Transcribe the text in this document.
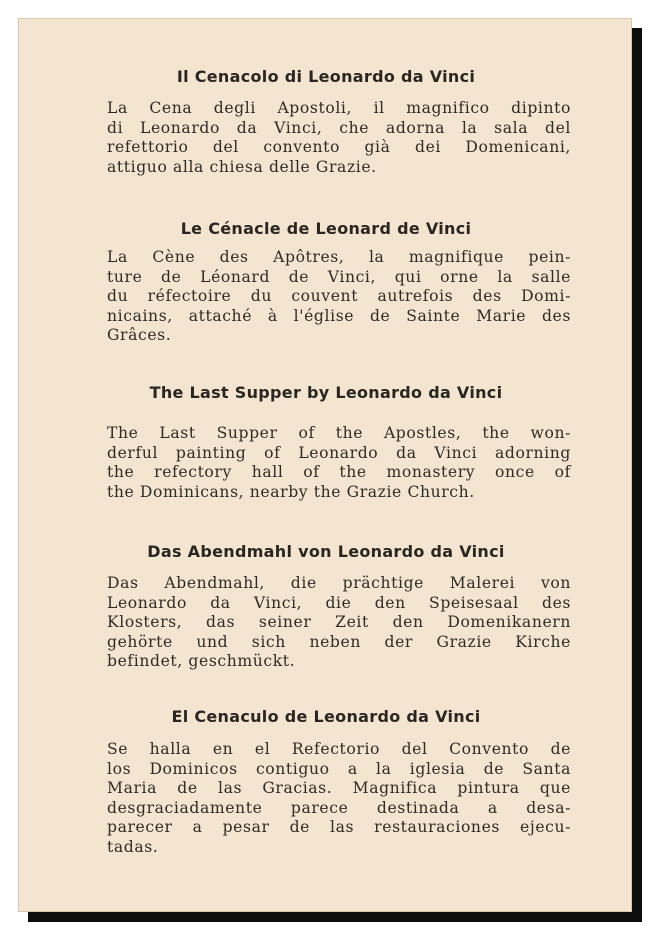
Il Cenacolo di Leonardo da Vinci
La Cena degli Apostoli, il magnifico dipinto
di Leonardo da Vinci, che adorna la sala del
refettorio del convento già dei Domenicani,
attiguo alla chiesa delle Grazie.
Le Cénacle de Leonard de Vinci
La Cène des Apôtres, la magnifique pein-
ture de Léonard de Vinci, qui orne la salle
du réfectoire du couvent autrefois des Domi-
nicains, attaché à l'église de Sainte Marie des
Grâces.
The Last Supper by Leonardo da Vinci
The Last Supper of the Apostles, the won-
derful painting of Leonardo da Vinci adorning
the refectory hall of the monastery once of
the Dominicans, nearby the Grazie Church.
Das Abendmahl von Leonardo da Vinci
Das Abendmahl, die prächtige Malerei von
Leonardo da Vinci, die den Speisesaal des
Klosters, das seiner Zeit den Domenikanern
gehörte und sich neben der Grazie Kirche
befindet, geschmückt.
El Cenaculo de Leonardo da Vinci
Se halla en el Refectorio del Convento de
los Dominicos contiguo a la iglesia de Santa
Maria de las Gracias. Magnifica pintura que
desgraciadamente parece destinada a desa-
parecer a pesar de las restauraciones ejecu-
tadas.
